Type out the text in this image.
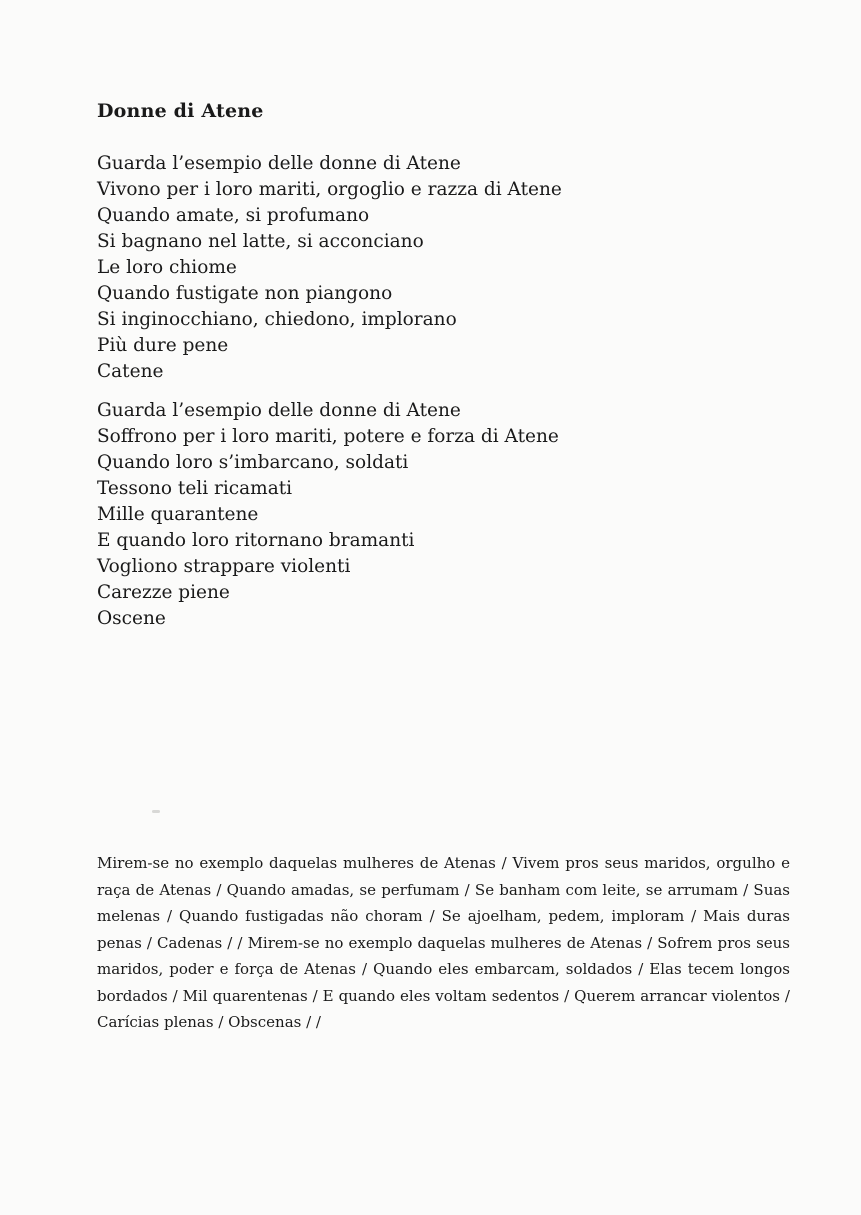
Donne di Atene
Guarda l’esempio delle donne di Atene
Vivono per i loro mariti, orgoglio e razza di Atene
Quando amate, si profumano
Si bagnano nel latte, si acconciano
Le loro chiome
Quando fustigate non piangono
Si inginocchiano, chiedono, implorano
Più dure pene
Catene
Guarda l’esempio delle donne di Atene
Soffrono per i loro mariti, potere e forza di Atene
Quando loro s’imbarcano, soldati
Tessono teli ricamati
Mille quarantene
E quando loro ritornano bramanti
Vogliono strappare violenti
Carezze piene
Oscene

Mirem-se no exemplo daquelas mulheres de Atenas / Vivem pros seus maridos, orgulho e raça de Atenas / Quando amadas, se perfumam / Se banham com leite, se arrumam / Suas melenas / Quando fustigadas não choram / Se ajoelham, pedem, imploram / Mais duras penas / Cadenas / / Mirem-se no exemplo daquelas mulheres de Atenas / Sofrem pros seus maridos, poder e força de Atenas / Quando eles embarcam, soldados / Elas tecem longos bordados / Mil quarentenas / E quando eles voltam sedentos / Querem arrancar violentos / Carícias plenas / Obscenas / /
